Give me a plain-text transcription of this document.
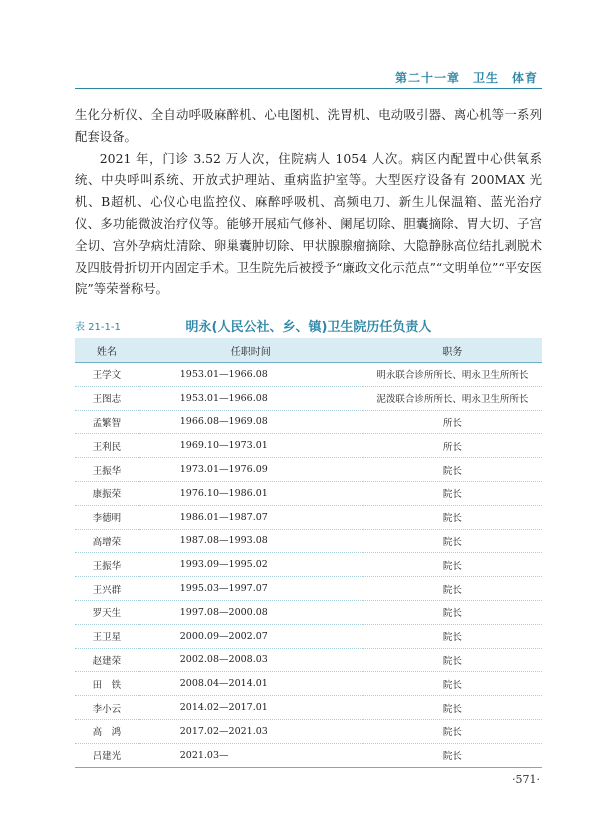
第二十一章　卫生　体育

生化分析仪、全自动呼吸麻醉机、心电图机、洗胃机、电动吸引器、离心机等一系列配套设备。

2021 年，门诊 3.52 万人次，住院病人 1054 人次。病区内配置中心供氧系统、中央呼叫系统、开放式护理站、重病监护室等。大型医疗设备有 200MAX 光机、B超机、心仪心电监控仪、麻醉呼吸机、高频电刀、新生儿保温箱、蓝光治疗仪、多功能微波治疗仪等。能够开展疝气修补、阑尾切除、胆囊摘除、胃大切、子宫全切、宫外孕病灶清除、卵巢囊肿切除、甲状腺腺瘤摘除、大隐静脉高位结扎剥脱术及四肢骨折切开内固定手术。卫生院先后被授予“廉政文化示范点”“文明单位”“平安医院”等荣誉称号。

表 21-1-1	明永(人民公社、乡、镇)卫生院历任负责人
姓名	任职时间	职务
王学文	1953.01—1966.08	明永联合诊所所长、明永卫生所所长
王图志	1953.01—1966.08	泥泼联合诊所所长、明永卫生所所长
孟繁智	1966.08—1969.08	所长
王利民	1969.10—1973.01	所长
王振华	1973.01—1976.09	院长
康振荣	1976.10—1986.01	院长
李德明	1986.01—1987.07	院长
高增荣	1987.08—1993.08	院长
王振华	1993.09—1995.02	院长
王兴群	1995.03—1997.07	院长
罗天生	1997.08—2000.08	院长
王卫星	2000.09—2002.07	院长
赵建荣	2002.08—2008.03	院长
田　铁	2008.04—2014.01	院长
李小云	2014.02—2017.01	院长
高　鸿	2017.02—2021.03	院长
吕建光	2021.03—	院长
·571·
